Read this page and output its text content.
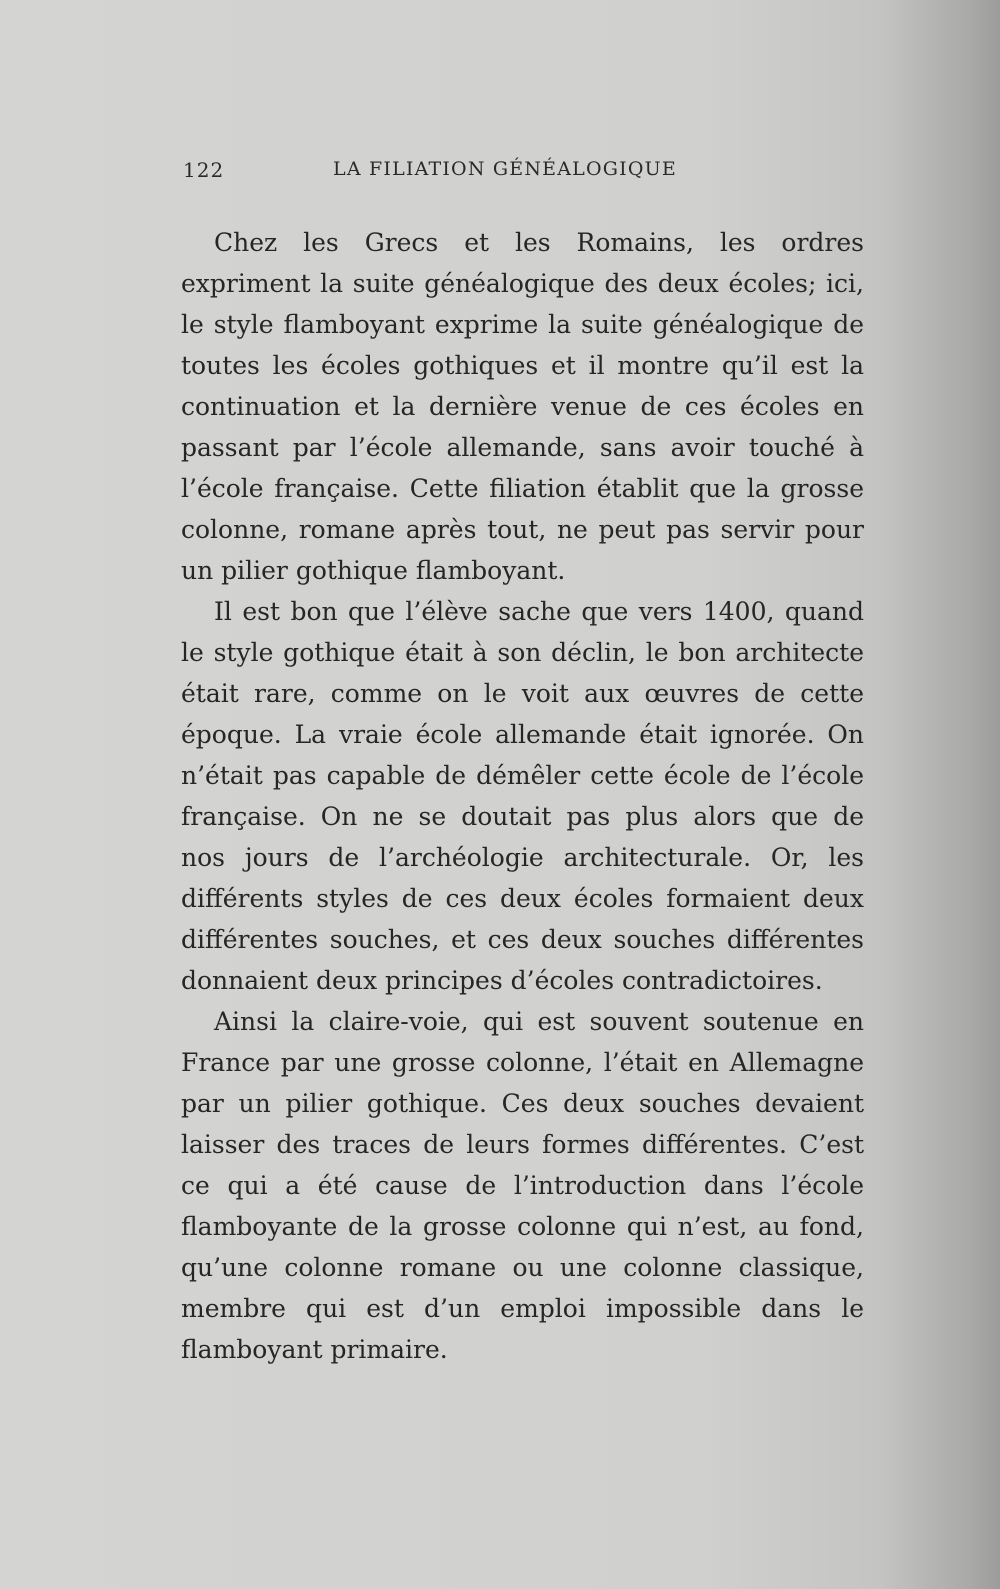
122	LA FILIATION GÉNÉALOGIQUE
Chez les Grecs et les Romains, les ordres
expriment la suite généalogique des deux écoles; ici,
le style flamboyant exprime la suite généalogique de
toutes les écoles gothiques et il montre qu’il est la
continuation et la dernière venue de ces écoles en
passant par l’école allemande, sans avoir touché à
l’école française. Cette filiation établit que la grosse
colonne, romane après tout, ne peut pas servir pour
un pilier gothique flamboyant.
Il est bon que l’élève sache que vers 1400, quand
le style gothique était à son déclin, le bon architecte
était rare, comme on le voit aux œuvres de cette
époque. La vraie école allemande était ignorée. On
n’était pas capable de démêler cette école de l’école
française. On ne se doutait pas plus alors que de
nos jours de l’archéologie architecturale. Or, les
différents styles de ces deux écoles formaient deux
différentes souches, et ces deux souches différentes
donnaient deux principes d’écoles contradictoires.
Ainsi la claire-voie, qui est souvent soutenue en
France par une grosse colonne, l’était en Allemagne
par un pilier gothique. Ces deux souches devaient
laisser des traces de leurs formes différentes. C’est
ce qui a été cause de l’introduction dans l’école
flamboyante de la grosse colonne qui n’est, au fond,
qu’une colonne romane ou une colonne classique,
membre qui est d’un emploi impossible dans le
flamboyant primaire.
